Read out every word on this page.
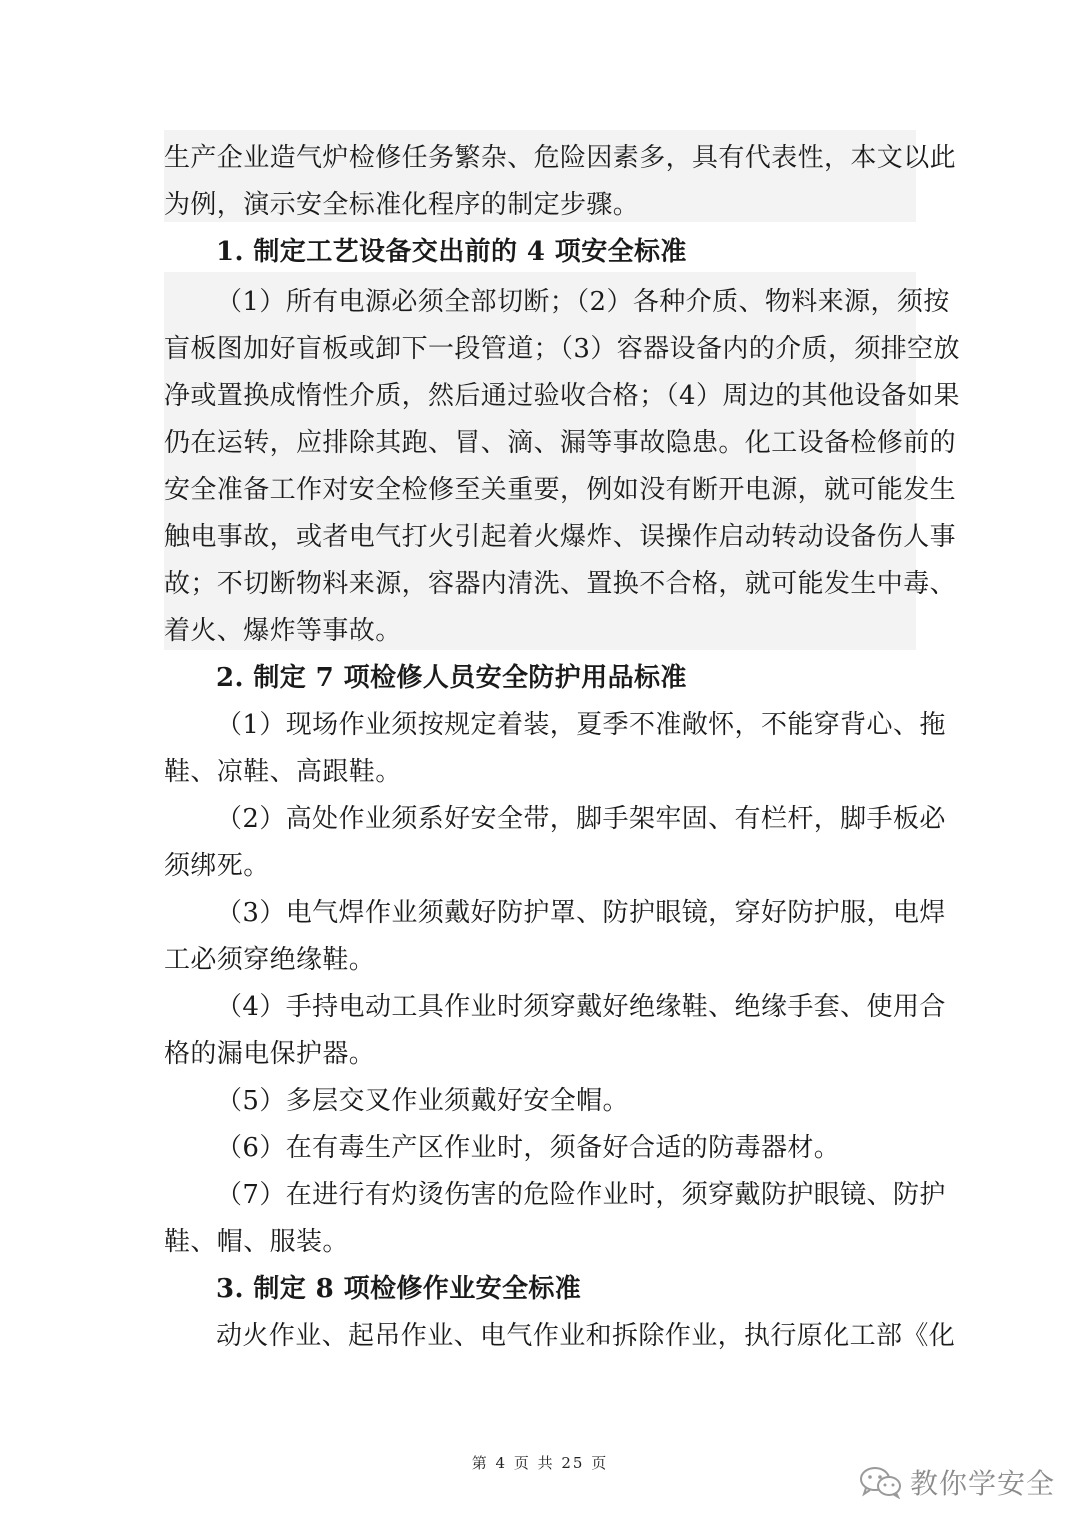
生产企业造气炉检修任务繁杂、危险因素多，具有代表性，本文以此
为例，演示安全标准化程序的制定步骤。
1. 制定工艺设备交出前的 4 项安全标准
（1）所有电源必须全部切断；（2）各种介质、物料来源，须按
盲板图加好盲板或卸下一段管道；（3）容器设备内的介质，须排空放
净或置换成惰性介质，然后通过验收合格；（4）周边的其他设备如果
仍在运转，应排除其跑、冒、滴、漏等事故隐患。化工设备检修前的
安全准备工作对安全检修至关重要，例如没有断开电源，就可能发生
触电事故，或者电气打火引起着火爆炸、误操作启动转动设备伤人事
故；不切断物料来源，容器内清洗、置换不合格，就可能发生中毒、
着火、爆炸等事故。
2. 制定 7 项检修人员安全防护用品标准
（1）现场作业须按规定着装，夏季不准敞怀，不能穿背心、拖
鞋、凉鞋、高跟鞋。
（2）高处作业须系好安全带，脚手架牢固、有栏杆，脚手板必
须绑死。
（3）电气焊作业须戴好防护罩、防护眼镜，穿好防护服，电焊
工必须穿绝缘鞋。
（4）手持电动工具作业时须穿戴好绝缘鞋、绝缘手套、使用合
格的漏电保护器。
（5）多层交叉作业须戴好安全帽。
（6）在有毒生产区作业时，须备好合适的防毒器材。
（7）在进行有灼烫伤害的危险作业时，须穿戴防护眼镜、防护
鞋、帽、服装。
3. 制定 8 项检修作业安全标准
动火作业、起吊作业、电气作业和拆除作业，执行原化工部《化
第 4 页 共 25 页
教你学安全
